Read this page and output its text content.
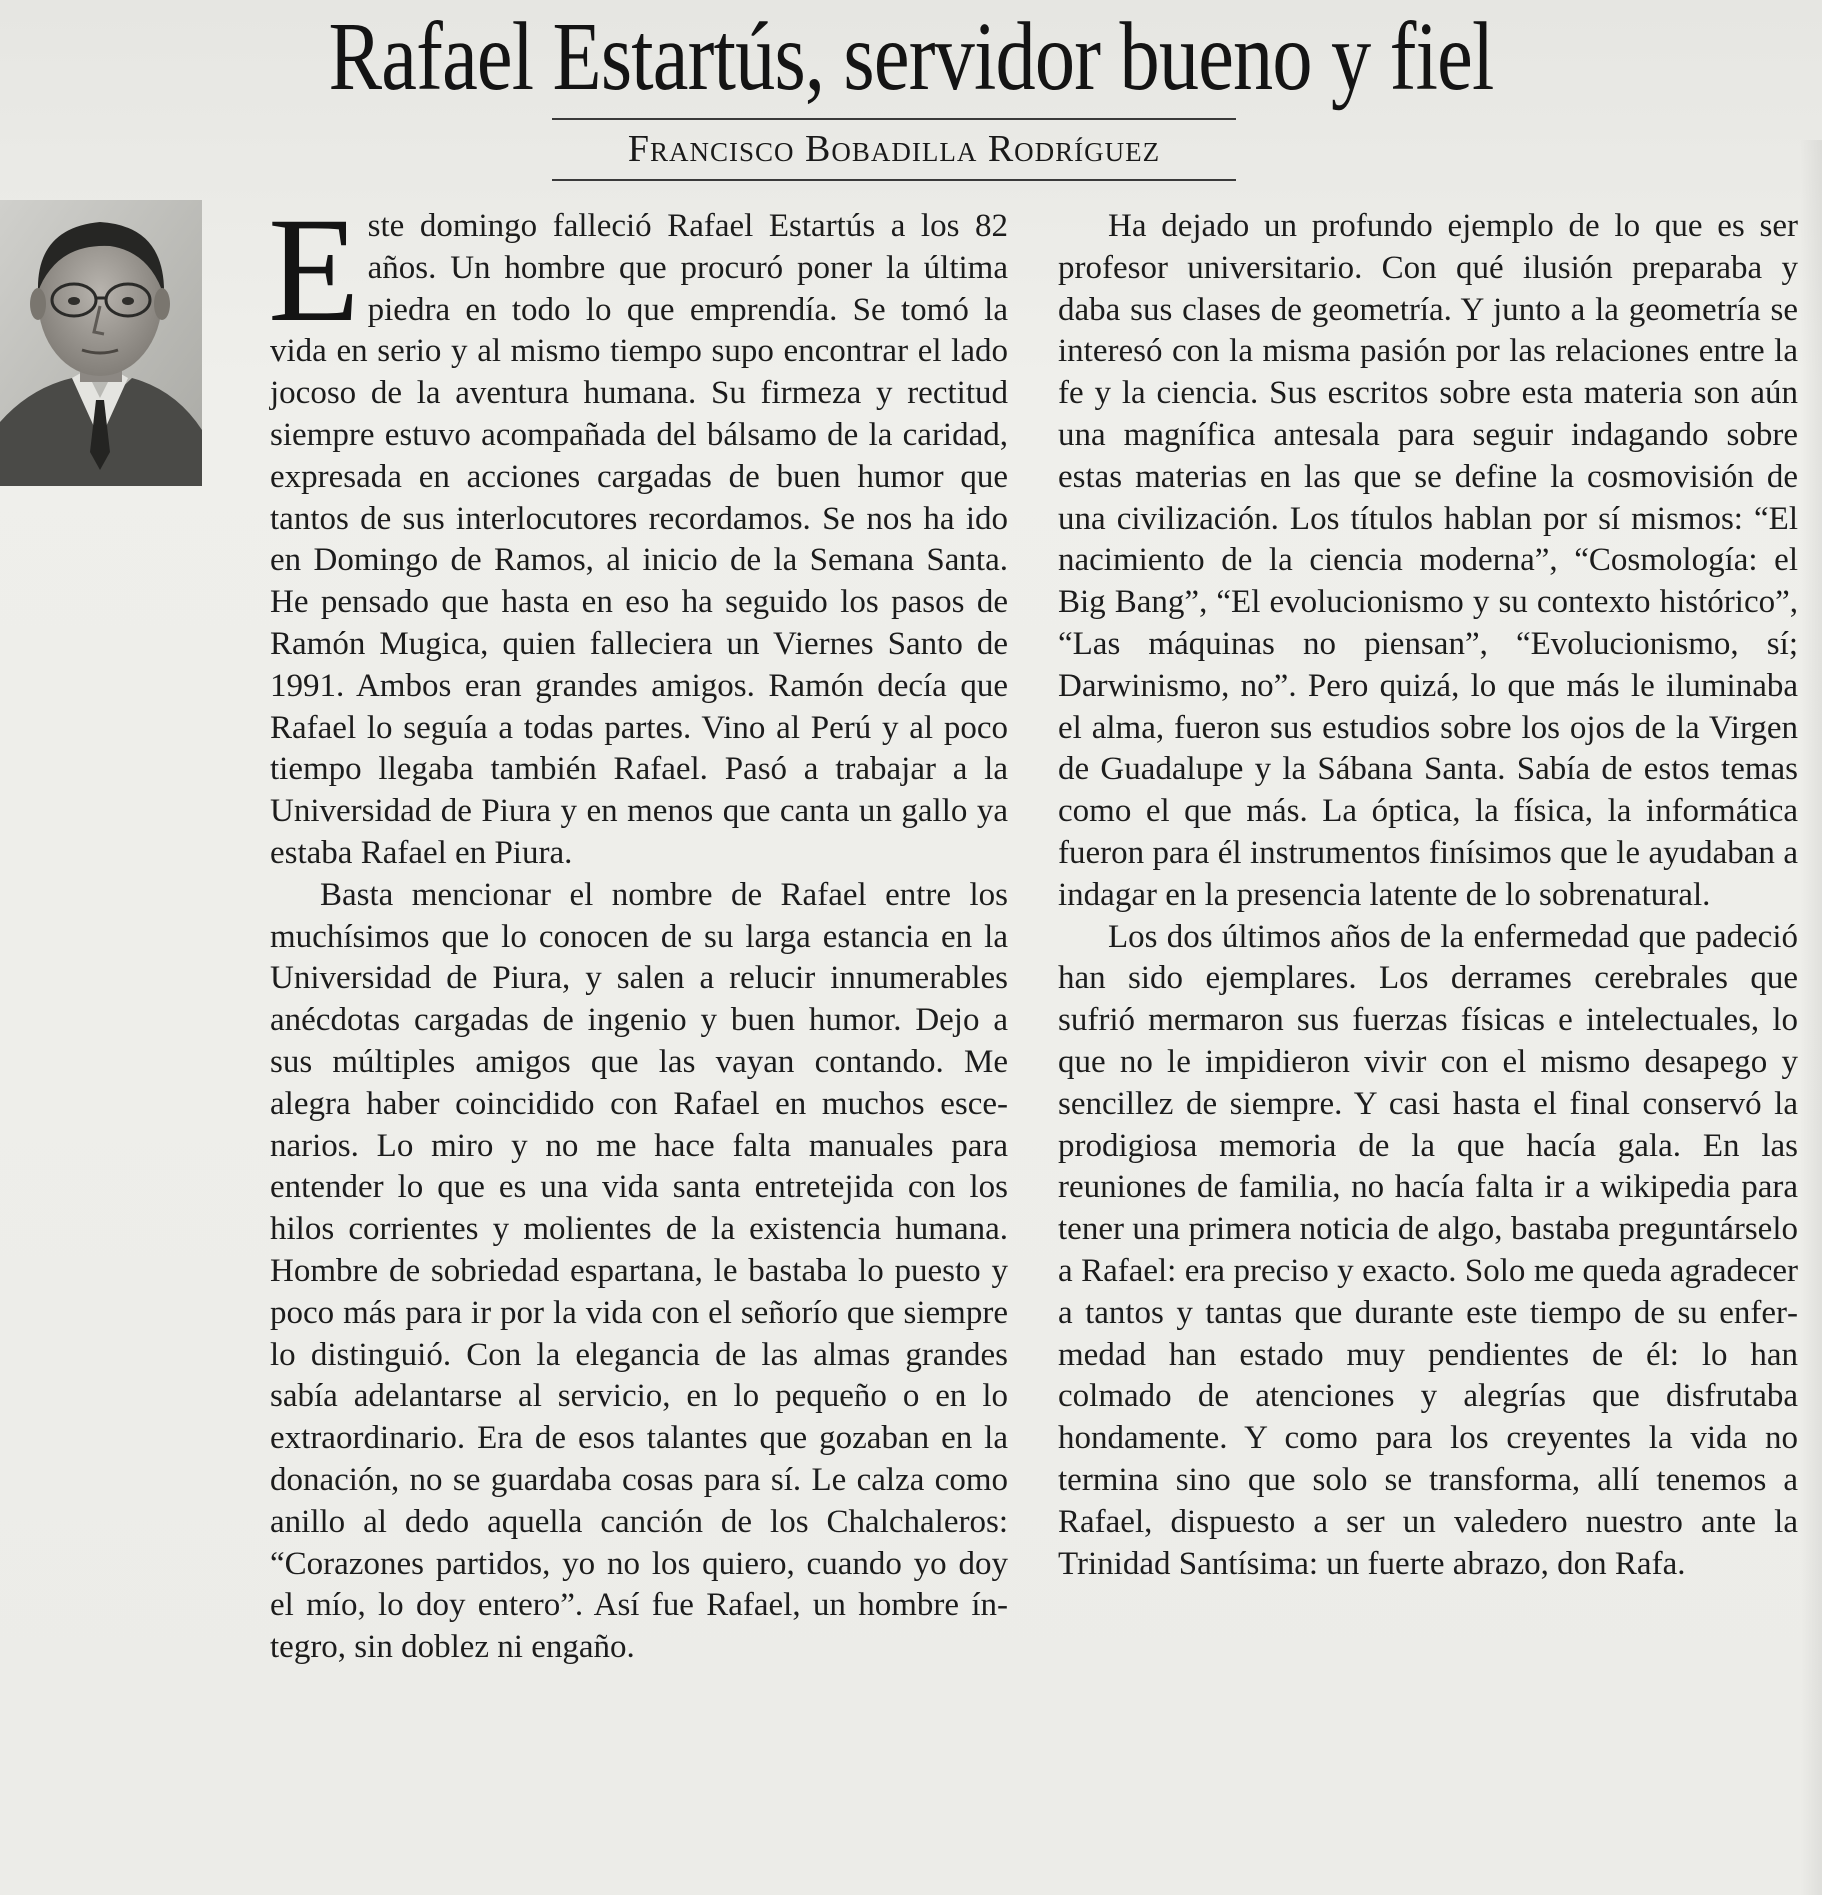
Rafael Estartús, servidor bueno y fiel
Francisco Bobadilla Rodríguez

Este domingo falleció Rafael Estartús a los 82 años. Un hombre que procuró poner la última piedra en todo lo que emprendía. Se tomó la vida en serio y al mismo tiempo supo encontrar el lado jocoso de la aventura humana. Su firmeza y rectitud siempre estuvo acompañada del bálsamo de la caridad, expresada en acciones cargadas de buen humor que tantos de sus interlocutores recordamos. Se nos ha ido en Domingo de Ramos, al inicio de la Semana Santa. He pensado que hasta en eso ha seguido los pasos de Ramón Mugica, quien falleciera un Viernes Santo de 1991. Ambos eran grandes amigos. Ramón decía que Rafael lo seguía a todas partes. Vino al Perú y al poco tiempo llegaba también Rafael. Pasó a trabajar a la Universidad de Piura y en menos que canta un gallo ya estaba Rafael en Piura.

Basta mencionar el nombre de Rafael entre los muchísimos que lo conocen de su larga estancia en la Universidad de Piura, y salen a relucir innumerables anécdotas cargadas de ingenio y buen humor. Dejo a sus múltiples amigos que las vayan contando. Me alegra haber coincidido con Rafael en muchos escenarios. Lo miro y no me hace falta manuales para entender lo que es una vida santa entretejida con los hilos corrientes y molientes de la existencia humana. Hombre de sobriedad espartana, le bastaba lo puesto y poco más para ir por la vida con el señorío que siempre lo distinguió. Con la elegancia de las almas grandes sabía adelantarse al servicio, en lo pequeño o en lo extraordinario. Era de esos talantes que gozaban en la donación, no se guardaba cosas para sí. Le calza como anillo al dedo aquella canción de los Chalchaleros: “Corazones partidos, yo no los quiero, cuando yo doy el mío, lo doy entero”. Así fue Rafael, un hombre íntegro, sin doblez ni engaño.

Ha dejado un profundo ejemplo de lo que es ser profesor universitario. Con qué ilusión preparaba y daba sus clases de geometría. Y junto a la geometría se interesó con la misma pasión por las relaciones entre la fe y la ciencia. Sus escritos sobre esta materia son aún una magnífica antesala para seguir indagando sobre estas materias en las que se define la cosmovisión de una civilización. Los títulos hablan por sí mismos: “El nacimiento de la ciencia moderna”, “Cosmología: el Big Bang”, “El evolucionismo y su contexto histórico”, “Las máquinas no piensan”, “Evolucionismo, sí; Darwinismo, no”. Pero quizá, lo que más le iluminaba el alma, fueron sus estudios sobre los ojos de la Virgen de Guadalupe y la Sábana Santa. Sabía de estos temas como el que más. La óptica, la física, la informática fueron para él instrumentos finísimos que le ayudaban a indagar en la presencia latente de lo sobrenatural.

Los dos últimos años de la enfermedad que padeció han sido ejemplares. Los derrames cerebrales que sufrió mermaron sus fuerzas físicas e intelectuales, lo que no le impidieron vivir con el mismo desapego y sencillez de siempre. Y casi hasta el final conservó la prodigiosa memoria de la que hacía gala. En las reuniones de familia, no hacía falta ir a wikipedia para tener una primera noticia de algo, bastaba preguntárselo a Rafael: era preciso y exacto. Solo me queda agradecer a tantos y tantas que durante este tiempo de su enfermedad han estado muy pendientes de él: lo han colmado de atenciones y alegrías que disfrutaba hondamente. Y como para los creyentes la vida no termina sino que solo se transforma, allí tenemos a Rafael, dispuesto a ser un valedero nuestro ante la Trinidad Santísima: un fuerte abrazo, don Rafa.
